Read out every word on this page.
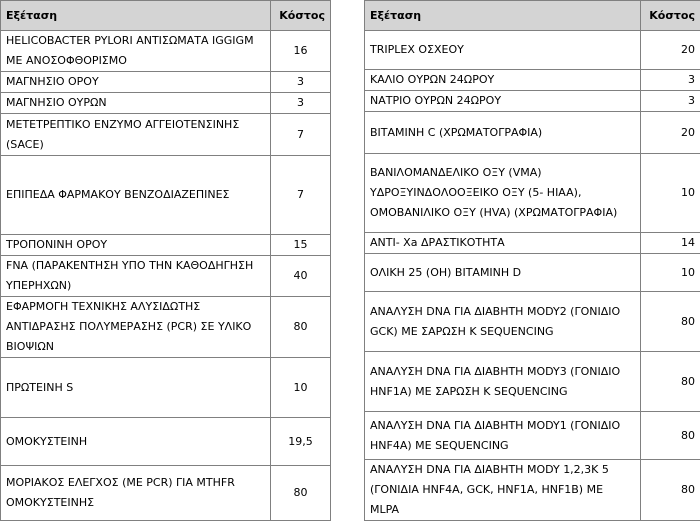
Εξέταση	Κόστος
HELICOBACTER PYLORI ΑΝΤΙΣΩΜΑΤΑ IGGIGM ΜΕ ΑΝΟΣΟΦΘΟΡΙΣΜΟ	16
ΜΑΓΝΗΣΙΟ ΟΡΟΥ	3
ΜΑΓΝΗΣΙΟ ΟΥΡΩΝ	3
ΜΕΤΕΤΡΕΠΤΙΚΟ ΕΝΖΥΜΟ ΑΓΓΕΙΟΤΕΝΣΙΝΗΣ (SACE)	7
ΕΠΙΠΕΔΑ ΦΑΡΜΑΚΟΥ ΒΕΝΖΟΔΙΑΖΕΠΙΝΕΣ	7
ΤΡΟΠΟΝΙΝΗ ΟΡΟΥ	15
FNA (ΠΑΡΑΚΕΝΤΗΣΗ ΥΠΟ ΤΗΝ ΚΑΘΟΔΗΓΗΣΗ ΥΠΕΡΗΧΩΝ)	40
ΕΦΑΡΜΟΓΗ ΤΕΧΝΙΚΗΣ ΑΛΥΣΙΔΩΤΗΣ ΑΝΤΙΔΡΑΣΗΣ ΠΟΛΥΜΕΡΑΣΗΣ (PCR) ΣΕ ΥΛΙΚΟ ΒΙΟΨΙΩΝ	80
ΠΡΩΤΕΙΝΗ S	10
ΟΜΟΚΥΣΤΕΙΝΗ	19,5
ΜΟΡΙΑΚΟΣ ΕΛΕΓΧΟΣ (ΜΕ PCR) ΓΙΑ MTHFR ΟΜΟΚΥΣΤΕΙΝΗΣ	80
Εξέταση	Κόστος
TRIPLEX ΟΣΧΕΟΥ	20
ΚΑΛΙΟ ΟΥΡΩΝ 24ΩΡΟΥ	3
ΝΑΤΡΙΟ ΟΥΡΩΝ 24ΩΡΟΥ	3
ΒΙΤΑΜΙΝΗ C (ΧΡΩΜΑΤΟΓΡΑΦΙΑ)	20
ΒΑΝΙΛΟΜΑΝΔΕΛΙΚΟ ΟΞΥ (VMA) ΥΔΡΟΞΥΙΝΔΟΛΟΟΞΕΙΚΟ ΟΞΥ (5- HIAA), ΟΜΟΒΑΝΙΛΙΚΟ ΟΞΥ (HVA) (ΧΡΩΜΑΤΟΓΡΑΦΙΑ)	10
ΑΝΤΙ- Χa ΔΡΑΣΤΙΚΟΤΗΤΑ	14
ΟΛΙΚΗ 25 (ΟΗ) ΒΙΤΑΜΙΝΗ D	10
ΑΝΑΛΥΣΗ DNA ΓΙΑ ΔΙΑΒΗΤΗ MODY2 (ΓΟΝΙΔΙΟ GCK) ΜΕ ΣΑΡΩΣΗ Κ SEQUENCING	80
ΑΝΑΛΥΣΗ DNA ΓΙΑ ΔΙΑΒΗΤΗ MODY3 (ΓΟΝΙΔΙΟ HNF1A) ΜΕ ΣΑΡΩΣΗ Κ SEQUENCING	80
ΑΝΑΛΥΣΗ DNA ΓΙΑ ΔΙΑΒΗΤΗ MODY1 (ΓΟΝΙΔΙΟ HNF4A) ΜΕ SEQUENCING	80
ΑΝΑΛΥΣΗ DNA ΓΙΑ ΔΙΑΒΗΤΗ MODY 1,2,3Κ 5 (ΓΟΝΙΔΙΑ HNF4A, GCK, HNF1A, HNF1B) ΜΕ MLPA	80
